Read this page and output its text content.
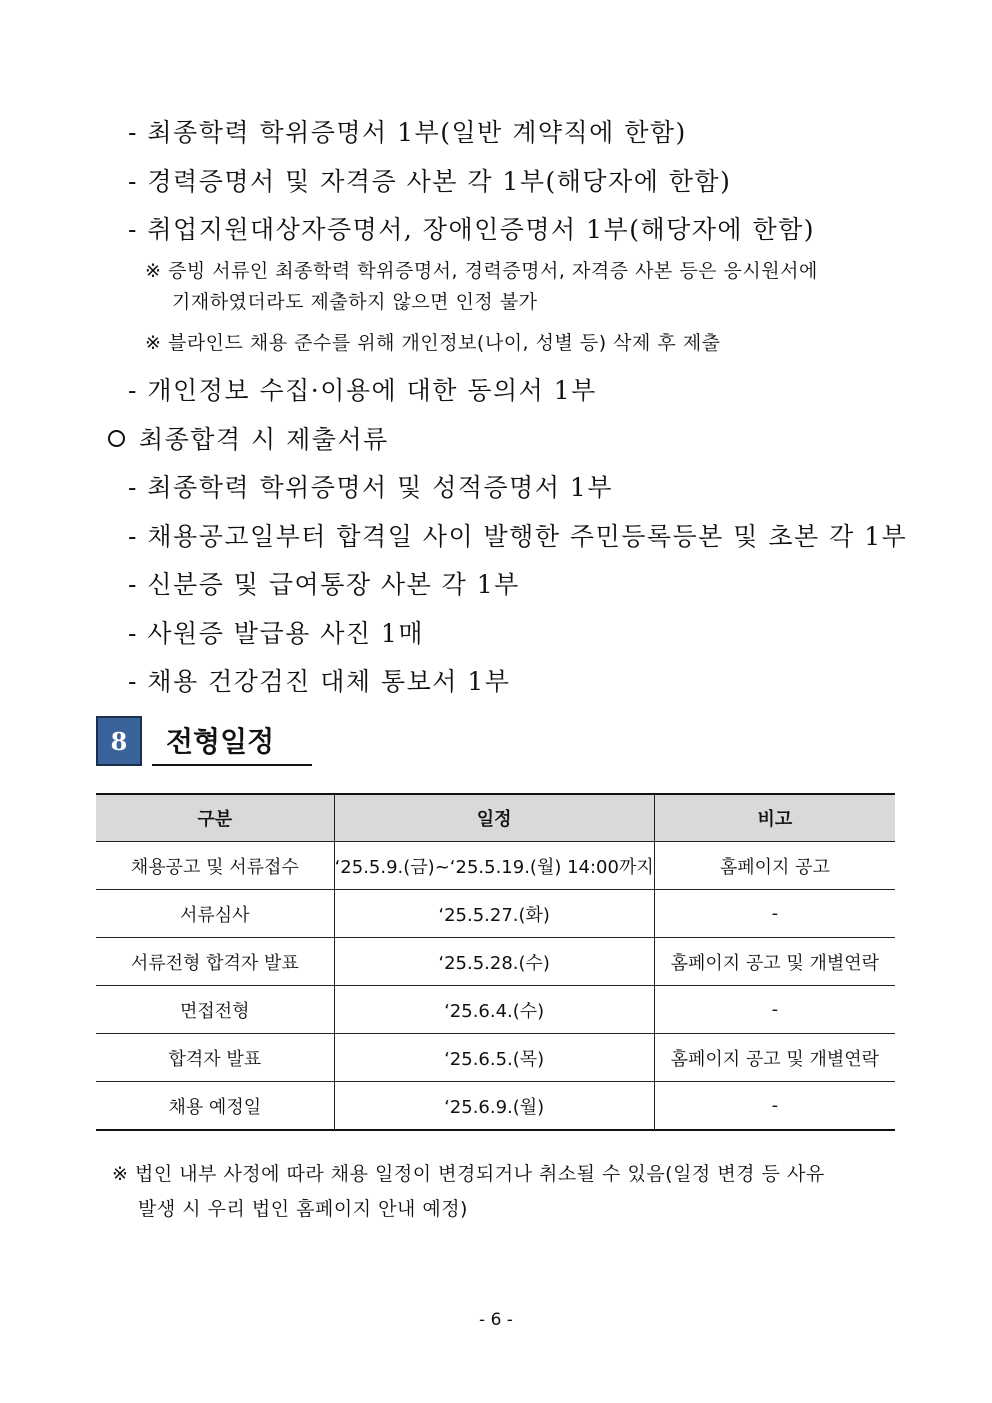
- 최종학력 학위증명서 1부(일반 계약직에 한함)
- 경력증명서 및 자격증 사본 각 1부(해당자에 한함)
- 취업지원대상자증명서, 장애인증명서 1부(해당자에 한함)
※ 증빙 서류인 최종학력 학위증명서, 경력증명서, 자격증 사본 등은 응시원서에
기재하였더라도 제출하지 않으면 인정 불가
※ 블라인드 채용 준수를 위해 개인정보(나이, 성별 등) 삭제 후 제출
- 개인정보 수집·이용에 대한 동의서 1부
최종합격 시 제출서류
- 최종학력 학위증명서 및 성적증명서 1부
- 채용공고일부터 합격일 사이 발행한 주민등록등본 및 초본 각 1부
- 신분증 및 급여통장 사본 각 1부
- 사원증 발급용 사진 1매
- 채용 건강검진 대체 통보서 1부
8	전형일정
구분	일정	비고
채용공고 및 서류접수	‘25.5.9.(금)~‘25.5.19.(월) 14:00까지	홈페이지 공고
서류심사	‘25.5.27.(화)	-
서류전형 합격자 발표	‘25.5.28.(수)	홈페이지 공고 및 개별연락
면접전형	‘25.6.4.(수)	-
합격자 발표	‘25.6.5.(목)	홈페이지 공고 및 개별연락
채용 예정일	‘25.6.9.(월)	-
※ 법인 내부 사정에 따라 채용 일정이 변경되거나 취소될 수 있음(일정 변경 등 사유
발생 시 우리 법인 홈페이지 안내 예정)
- 6 -
